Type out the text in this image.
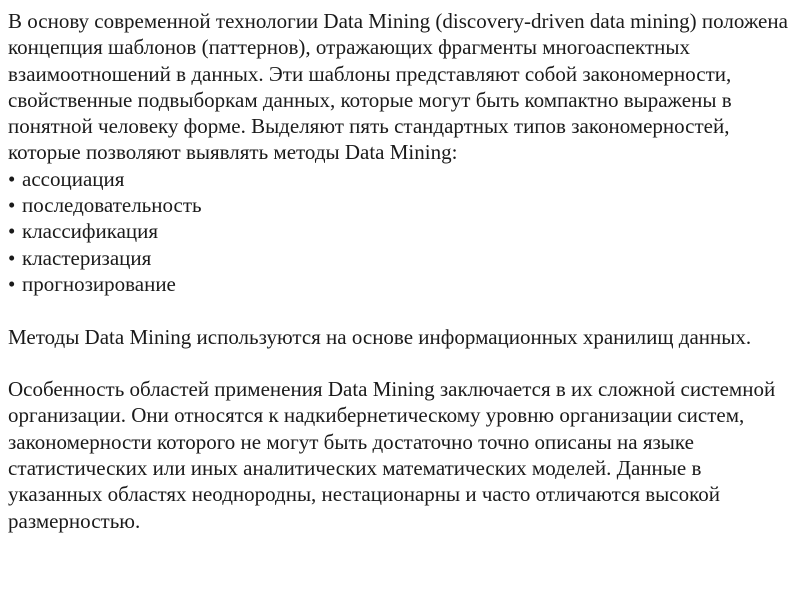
В основу современной технологии Data Mining (discovery-driven data mining) положена концепция шаблонов (паттернов), отражающих фрагменты многоаспектных взаимоотношений в данных. Эти шаблоны представляют собой закономерности, свойственные подвыборкам данных, которые могут быть компактно выражены в понятной человеку форме. Выделяют пять стандартных типов закономерностей, которые позволяют выявлять методы Data Mining:

• ассоциация
• последовательность
• классификация
• кластеризация
• прогнозирование

Методы Data Mining используются на основе информационных хранилищ данных.

Особенность областей применения Data Mining заключается в их сложной системной организации. Они относятся к надкибернетическому уровню организации систем, закономерности которого не могут быть достаточно точно описаны на языке статистических или иных аналитических математических моделей. Данные в указанных областях неоднородны, нестационарны и часто отличаются высокой размерностью.
